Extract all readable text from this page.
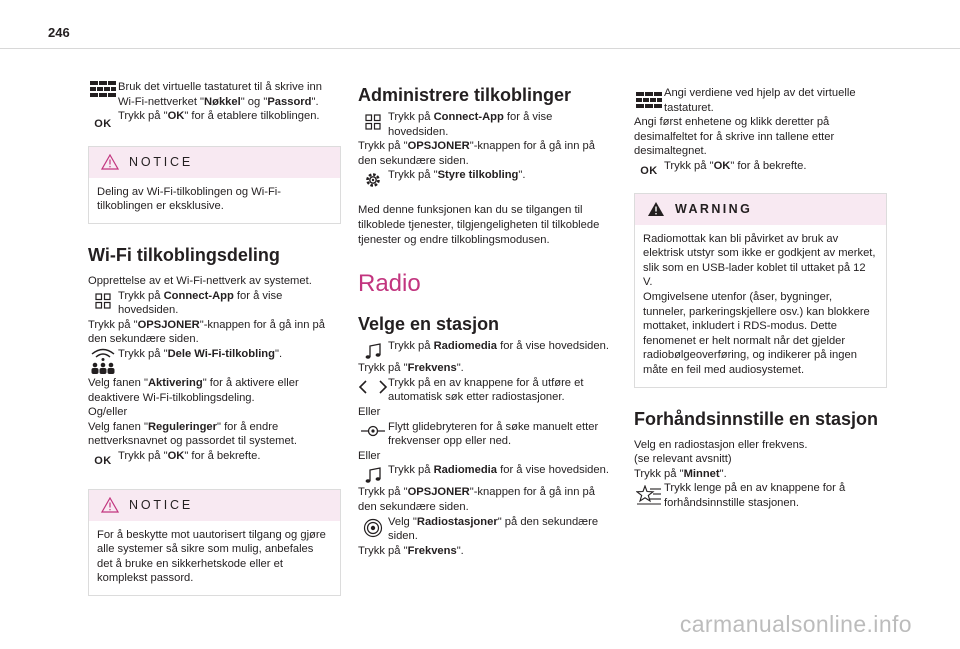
246

Bruk det virtuelle tastaturet til å skrive inn Wi-Fi-nettverket "Nøkkel" og "Passord".

OK

Trykk på "OK" for å etablere tilkoblingen.

NOTICE
Deling av Wi-Fi-tilkoblingen og Wi-Fi-tilkoblingen er eksklusive.
Wi-Fi tilkoblingsdeling

Opprettelse av et Wi-Fi-nettverk av systemet.

Trykk på Connect-App for å vise hovedsiden.

Trykk på "OPSJONER"-knappen for å gå inn på den sekundære siden.

Trykk på "Dele Wi-Fi-tilkobling".

Velg fanen "Aktivering" for å aktivere eller deaktivere Wi-Fi-tilkoblingsdeling.

Og/eller

Velg fanen "Reguleringer" for å endre nettverksnavnet og passordet til systemet.

OK Trykk på "OK" for å bekrefte.

NOTICE
For å beskytte mot uautorisert tilgang og gjøre alle systemer så sikre som mulig, anbefales det å bruke en sikkerhetskode eller et komplekst passord.
Administrere tilkoblinger

Trykk på Connect-App for å vise hovedsiden.

Trykk på "OPSJONER"-knappen for å gå inn på den sekundære siden.

Trykk på "Styre tilkobling".

Med denne funksjonen kan du se tilgangen til tilkoblede tjenester, tilgjengeligheten til tilkoblede tjenester og endre tilkoblingsmodusen.

Radio
Velge en stasjon

Trykk på Radiomedia for å vise hovedsiden.

Trykk på "Frekvens".

Trykk på en av knappene for å utføre et automatisk søk etter radiostasjoner.

Eller

Flytt glidebryteren for å søke manuelt etter frekvenser opp eller ned.

Eller

Trykk på Radiomedia for å vise hovedsiden.

Trykk på "OPSJONER"-knappen for å gå inn på den sekundære siden.

Velg "Radiostasjoner" på den sekundære siden.

Trykk på "Frekvens".

Angi verdiene ved hjelp av det virtuelle tastaturet.

Angi først enhetene og klikk deretter på desimalfeltet for å skrive inn tallene etter desimaltegnet.

OK Trykk på "OK" for å bekrefte.

WARNING

Radiomottak kan bli påvirket av bruk av elektrisk utstyr som ikke er godkjent av merket, slik som en USB-lader koblet til uttaket på 12 V.

Omgivelsene utenfor (åser, bygninger, tunneler, parkeringskjellere osv.) kan blokkere mottaket, inkludert i RDS-modus. Dette fenomenet er helt normalt når det gjelder radiobølgeoverføring, og indikerer på ingen måte en feil med audiosystemet.

Forhåndsinnstille en stasjon

Velg en radiostasjon eller frekvens.

(se relevant avsnitt)

Trykk på "Minnet".

Trykk lenge på en av knappene for å forhåndsinnstille stasjonen.

carmanualsonline.info
